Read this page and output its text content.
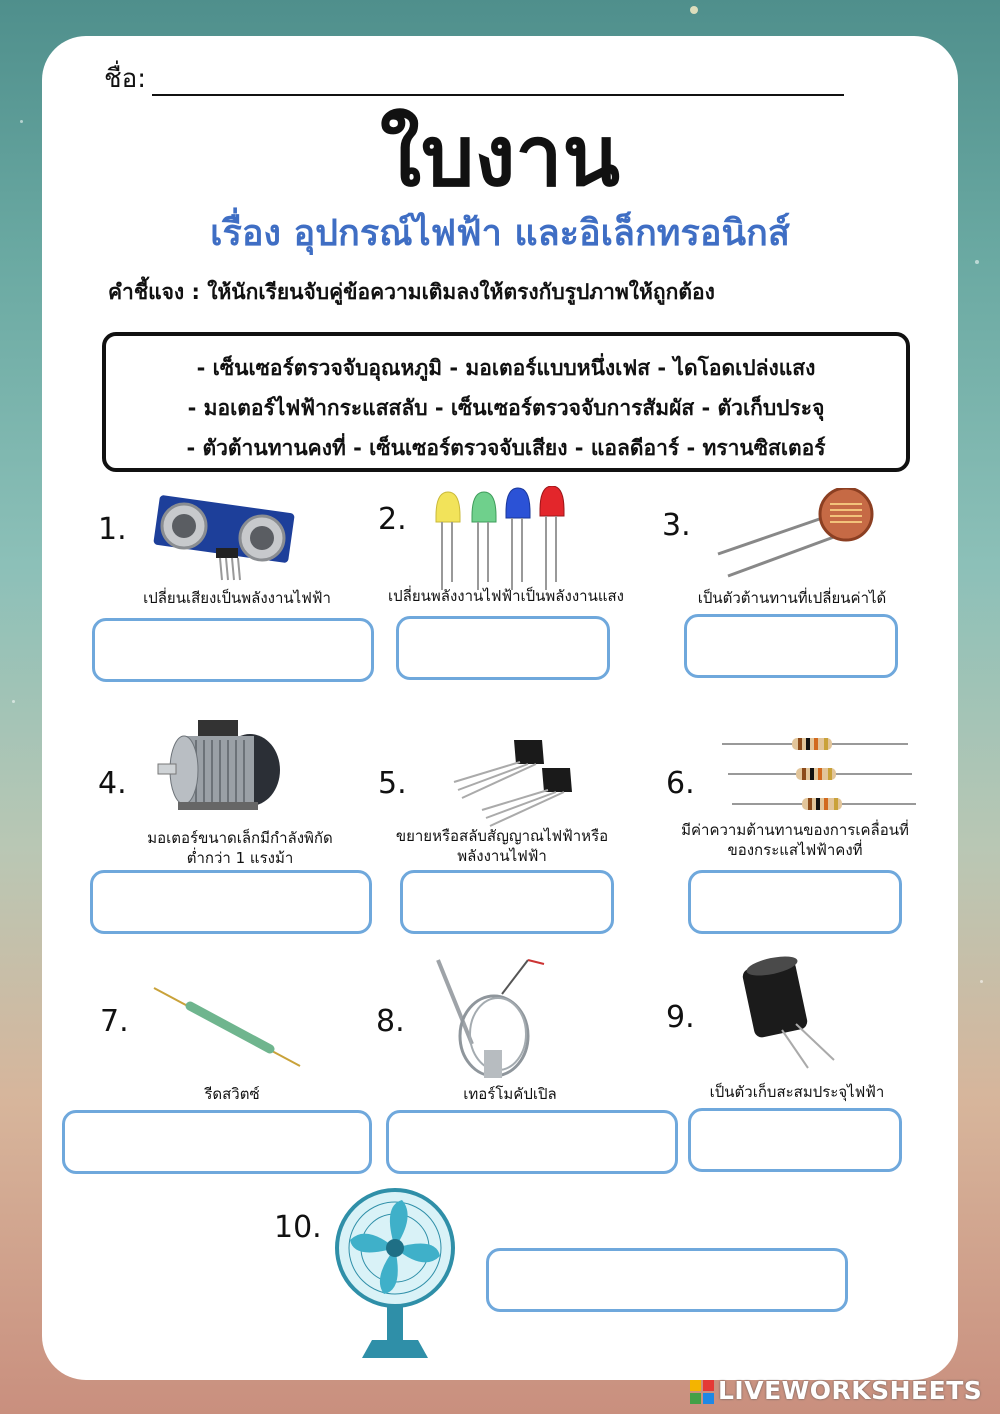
ชื่อ:
ใบงาน
เรื่อง อุปกรณ์ไฟฟ้า และอิเล็กทรอนิกส์
คำชี้แจง : ให้นักเรียนจับคู่ข้อความเติมลงให้ตรงกับรูปภาพให้ถูกต้อง
- เซ็นเซอร์ตรวจจับอุณหภูมิ - มอเตอร์แบบหนึ่งเฟส - ไดโอดเปล่งแสง
- มอเตอร์ไฟฟ้ากระแสสลับ - เซ็นเซอร์ตรวจจับการสัมผัส - ตัวเก็บประจุ
- ตัวต้านทานคงที่ - เซ็นเซอร์ตรวจจับเสียง - แอลดีอาร์ - ทรานซิสเตอร์
1.
เปลี่ยนเสียงเป็นพลังงานไฟฟ้า
2.
เปลี่ยนพลังงานไฟฟ้าเป็นพลังงานแสง
3.
เป็นตัวต้านทานที่เปลี่ยนค่าได้
4.
มอเตอร์ขนาดเล็กมีกำลังพิกัด
ต่ำกว่า 1 แรงม้า
5.
ขยายหรือสลับสัญญาณไฟฟ้าหรือ
พลังงานไฟฟ้า
6.
มีค่าความต้านทานของการเคลื่อนที่
ของกระแสไฟฟ้าคงที่
7.
รีดสวิตซ์
8.
เทอร์โมคัปเปิล
9.
เป็นตัวเก็บสะสมประจุไฟฟ้า
10.
LIVEWORKSHEETS
